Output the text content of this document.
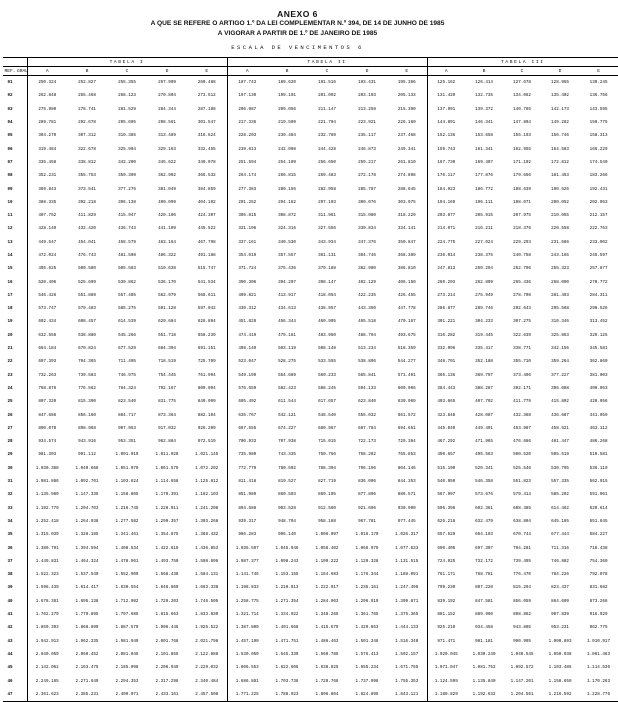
ANEXO 6
A QUE SE REFERE O ARTIGO 1.º DA LEI COMPLEMENTAR N.º 394, DE 14 DE JUNHO DE 1985
A VIGORAR A PARTIR DE 1.º DE JANEIRO DE 1985
ESCALA DE VENCIMENTOS 6
		TABELA I					TABELA II					TABELA III				
REF.	GRAU	A	B	C	D	E	A	B	C	D	E	A	B	C	D	E
01		250.324	252.827	255.355	257.909	260.488	187.743	189.620	191.516	193.431	195.366	125.162	126.414	127.678	128.955	130.245
02		262.848	265.468	268.123	270.804	273.512	197.130	199.101	201.092	203.103	205.133	131.420	132.735	134.062	135.402	136.756
03		275.980	278.741	281.529	284.344	287.188	206.987	209.056	211.147	213.258	215.390	137.991	139.372	140.765	142.173	143.595
04		289.781	292.678	295.605	298.561	301.547	217.336	219.509	221.704	223.921	226.160	144.891	146.341	147.804	149.282	150.775
05		304.270	307.312	310.385	313.489	316.624	228.203	230.484	232.789	235.117	237.468	152.136	153.658	155.193	156.746	158.313
06		319.484	322.678	325.904	329.163	332.455	239.613	242.008	244.428	246.873	249.341	159.743	161.341	162.955	164.583	166.229
07		335.458	338.812	342.200	345.622	349.078	251.594	254.109	256.650	259.217	261.810	167.730	169.407	171.102	172.812	174.540
08		352.231	355.753	359.309	362.902	366.532	264.174	266.815	269.483	272.178	274.898	176.117	177.876	179.656	181.453	183.266
09		369.843	373.541	377.276	381.049	384.859	277.383	280.156	282.958	285.787	288.645	184.923	186.772	188.639	190.526	192.431
10		388.335	392.218	396.138	400.099	404.102	291.252	294.162	297.103	300.076	303.075	194.169	196.111	198.071	200.052	202.053
11		407.752	411.829	415.947	420.106	424.307	305.815	308.872	311.961	315.080	318.229	203.877	205.915	207.975	210.055	212.157
12		428.140	432.420	436.743	441.109	445.522	321.106	324.316	327.556	330.834	334.141	214.071	216.211	218.376	220.558	222.763
13		449.547	454.041	458.579	463.164	467.798	337.161	340.530	343.934	347.376	350.847	224.775	227.024	229.293	231.586	233.902
14		472.024	476.743	481.508	486.322	491.188	354.019	357.557	361.131	364.746	368.389	236.014	238.375	240.758	243.165	245.597
15		495.625	500.580	505.583	510.638	515.747	371.724	375.436	379.188	382.980	386.810	247.813	250.294	252.796	255.323	257.877
16		520.406	525.609	530.862	536.170	541.534	390.306	394.207	398.147	402.129	406.150	260.203	262.809	265.436	268.090	270.772
17		546.426	551.889	557.405	562.979	568.611	409.821	413.917	418.054	422.235	426.455	273.214	275.949	278.708	281.493	284.311
18		573.747	579.483	585.275	591.128	597.042	430.312	434.613	438.957	443.350	447.778	286.877	289.746	292.643	295.568	298.526
19		602.434	608.457	614.539	620.684	626.894	451.828	456.344	460.905	465.518	470.167	301.221	304.233	307.275	310.346	313.452
20		632.556	638.880	645.266	651.718	658.239	474.419	479.161	483.950	488.794	493.675	316.282	319.445	322.639	325.863	329.125
21		664.184	670.824	677.529	684.304	691.151	498.140	503.119	508.148	513.234	518.359	332.096	335.417	338.771	342.156	345.581
22		697.393	704.365	711.405	718.519	725.709	523.047	528.275	533.555	538.896	544.277	348.701	352.188	355.710	359.264	362.860
23		732.263	739.583	746.975	754.445	761.994	549.199	554.689	560.233	565.841	571.491	366.136	369.797	373.496	377.227	381.003
24		768.876	776.562	784.324	792.167	800.094	576.659	582.423	588.245	594.133	600.066	384.443	388.287	392.171	396.088	400.053
25		807.320	815.390	823.540	831.775	840.099	605.492	611.544	617.657	623.840	630.069	403.665	407.702	411.779	415.892	420.056
26		847.686	856.160	864.717	873.364	882.104	635.767	642.121	648.540	655.032	661.572	423.848	428.087	432.368	436.687	441.059
27		890.070	898.968	907.953	917.032	926.209	667.555	674.227	680.967	687.784	694.651	445.040	449.491	453.987	458.521	463.112
28		934.574	943.916	953.351	962.884	972.519	700.933	707.938	715.015	722.173	729.384	467.292	471.965	476.686	481.447	486.268
29		981.303	991.112	1.001.019	1.011.028	1.021.145	735.980	743.335	750.766	758.282	765.853	490.657	495.563	500.520	505.519	510.581
30		1.030.368	1.040.668	1.051.070	1.061.579	1.072.202	772.779	780.502	788.304	796.196	804.146	515.190	520.341	525.546	530.795	536.110
31		1.081.886	1.092.701	1.103.624	1.114.658	1.125.812	811.418	819.527	827.719	836.006	844.353	540.950	546.358	551.823	557.335	562.915
32		1.135.980	1.147.336	1.158.805	1.170.391	1.182.103	851.989	860.503	869.105	877.806	886.571	567.997	573.676	579.414	585.202	591.061
33		1.192.779	1.204.703	1.216.745	1.228.911	1.241.208	894.588	903.528	912.560	921.696	930.900	596.398	602.361	608.385	614.462	620.614
34		1.252.418	1.264.938	1.277.582	1.290.357	1.303.268	939.317	948.704	958.188	967.781	977.445	626.218	632.479	638.804	645.185	651.645
35		1.315.039	1.328.185	1.341.461	1.354.875	1.368.432	986.283	996.140	1.006.097	1.016.170	1.026.317	657.529	664.103	670.744	677.444	684.227
36		1.380.791	1.394.594	1.408.534	1.422.619	1.436.853	1.035.597	1.045.946	1.056.402	1.066.979	1.077.633	690.405	697.307	704.281	711.316	718.438
37		1.449.831	1.464.324	1.478.961	1.493.750	1.508.696	1.087.377	1.098.243	1.109.222	1.120.328	1.131.515	724.925	732.172	739.495	746.882	754.360
38		1.522.323	1.537.540	1.552.909	1.568.438	1.584.131	1.141.746	1.153.155	1.164.683	1.176.344	1.188.091	761.171	768.781	776.470	784.226	792.078
39		1.598.439	1.614.417	1.630.554	1.646.860	1.663.338	1.198.833	1.210.813	1.222.917	1.235.161	1.247.496	799.230	807.220	815.294	823.437	831.682
40		1.678.361	1.695.138	1.712.082	1.729.203	1.746.505	1.258.775	1.271.354	1.284.063	1.296.919	1.309.871	839.192	847.581	856.059	864.609	873.266
41		1.762.279	1.779.895	1.797.686	1.815.663	1.833.830	1.321.714	1.334.922	1.348.266	1.361.765	1.375.365	881.152	889.960	898.862	907.839	916.929
42		1.850.393	1.868.890	1.887.570	1.906.446	1.925.522	1.387.800	1.401.668	1.415.679	1.429.853	1.444.133	925.210	934.458	943.805	953.231	962.775
43		1.942.913	1.962.335	1.981.949	2.001.768	2.021.798	1.457.190	1.471.751	1.486.463	1.501.346	1.516.340	971.471	981.181	990.995	1.000.893	1.010.917
44		2.040.059	2.060.452	2.081.046	2.101.856	2.122.888	1.530.050	1.545.339	1.560.786	1.576.413	1.592.157	1.020.045	1.030.240	1.040.545	1.050.938	1.061.463
45		2.142.062	2.163.475	2.185.098	2.206.949	2.229.032	1.606.553	1.622.606	1.638.825	1.655.234	1.671.765	1.071.047	1.081.752	1.092.572	1.103.485	1.114.536
46		2.249.165	2.271.649	2.294.353	2.317.296	2.340.484	1.686.881	1.703.736	1.720.766	1.737.996	1.755.353	1.124.599	1.135.840	1.147.201	1.158.659	1.170.263
47		2.361.623	2.385.231	2.409.071	2.433.161	2.457.508	1.771.225	1.788.923	1.806.804	1.824.896	1.843.121	1.180.829	1.192.632	1.204.561	1.216.592	1.228.776
